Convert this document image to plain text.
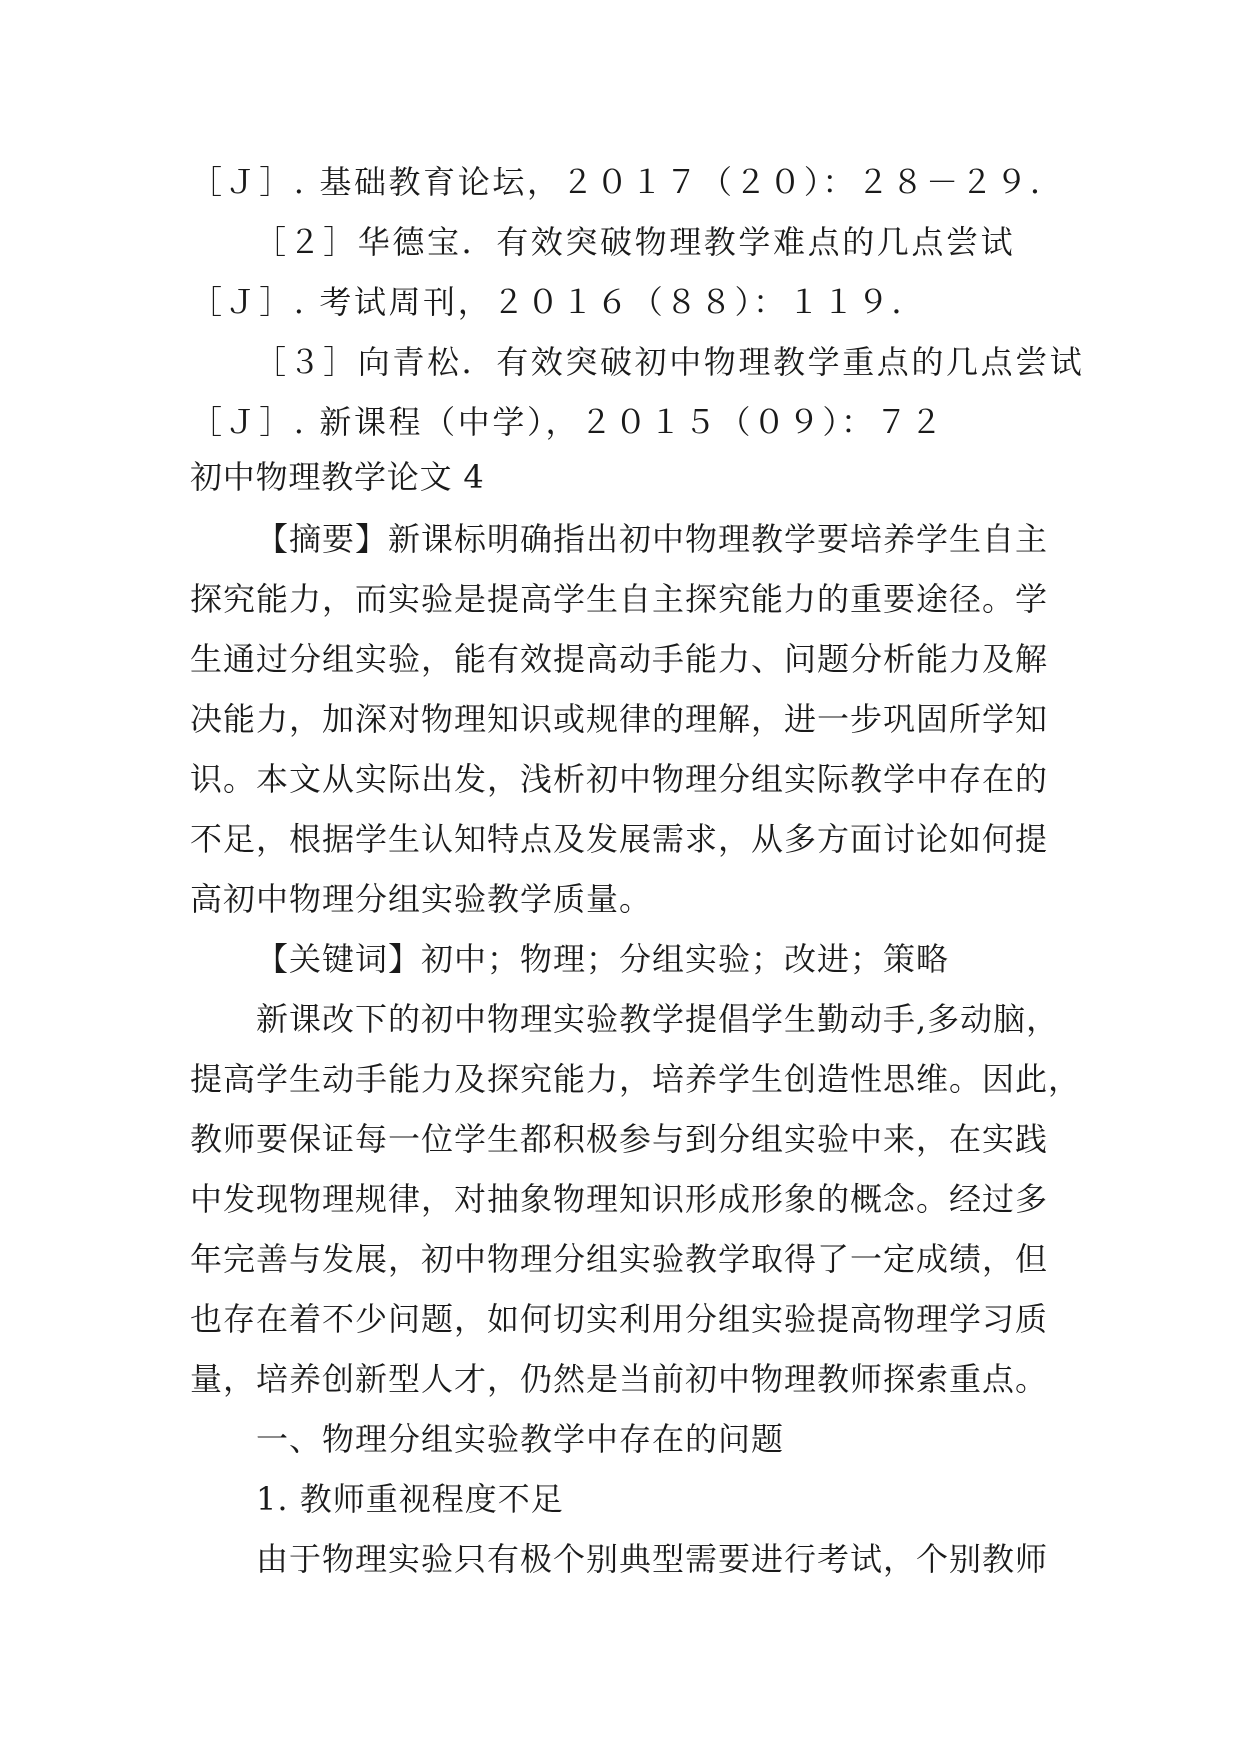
［Ｊ］. 基础教育论坛，２０１７（２０）：２８－２９．
［２］华德宝．有效突破物理教学难点的几点尝试
［Ｊ］. 考试周刊，２０１６（８８）：１１９．
［３］向青松．有效突破初中物理教学重点的几点尝试
［Ｊ］. 新课程（中学），２０１５（０９）：７２
初中物理教学论文 4
【摘要】新课标明确指出初中物理教学要培养学生自主
探究能力，而实验是提高学生自主探究能力的重要途径。学
生通过分组实验，能有效提高动手能力、问题分析能力及解
决能力，加深对物理知识或规律的理解，进一步巩固所学知
识。本文从实际出发，浅析初中物理分组实际教学中存在的
不足，根据学生认知特点及发展需求，从多方面讨论如何提
高初中物理分组实验教学质量。
【关键词】初中；物理；分组实验；改进；策略
新课改下的初中物理实验教学提倡学生勤动手,多动脑，
提高学生动手能力及探究能力，培养学生创造性思维。因此，
教师要保证每一位学生都积极参与到分组实验中来，在实践
中发现物理规律，对抽象物理知识形成形象的概念。经过多
年完善与发展，初中物理分组实验教学取得了一定成绩，但
也存在着不少问题，如何切实利用分组实验提高物理学习质
量，培养创新型人才，仍然是当前初中物理教师探索重点。
一、物理分组实验教学中存在的问题
1. 教师重视程度不足
由于物理实验只有极个别典型需要进行考试，个别教师
